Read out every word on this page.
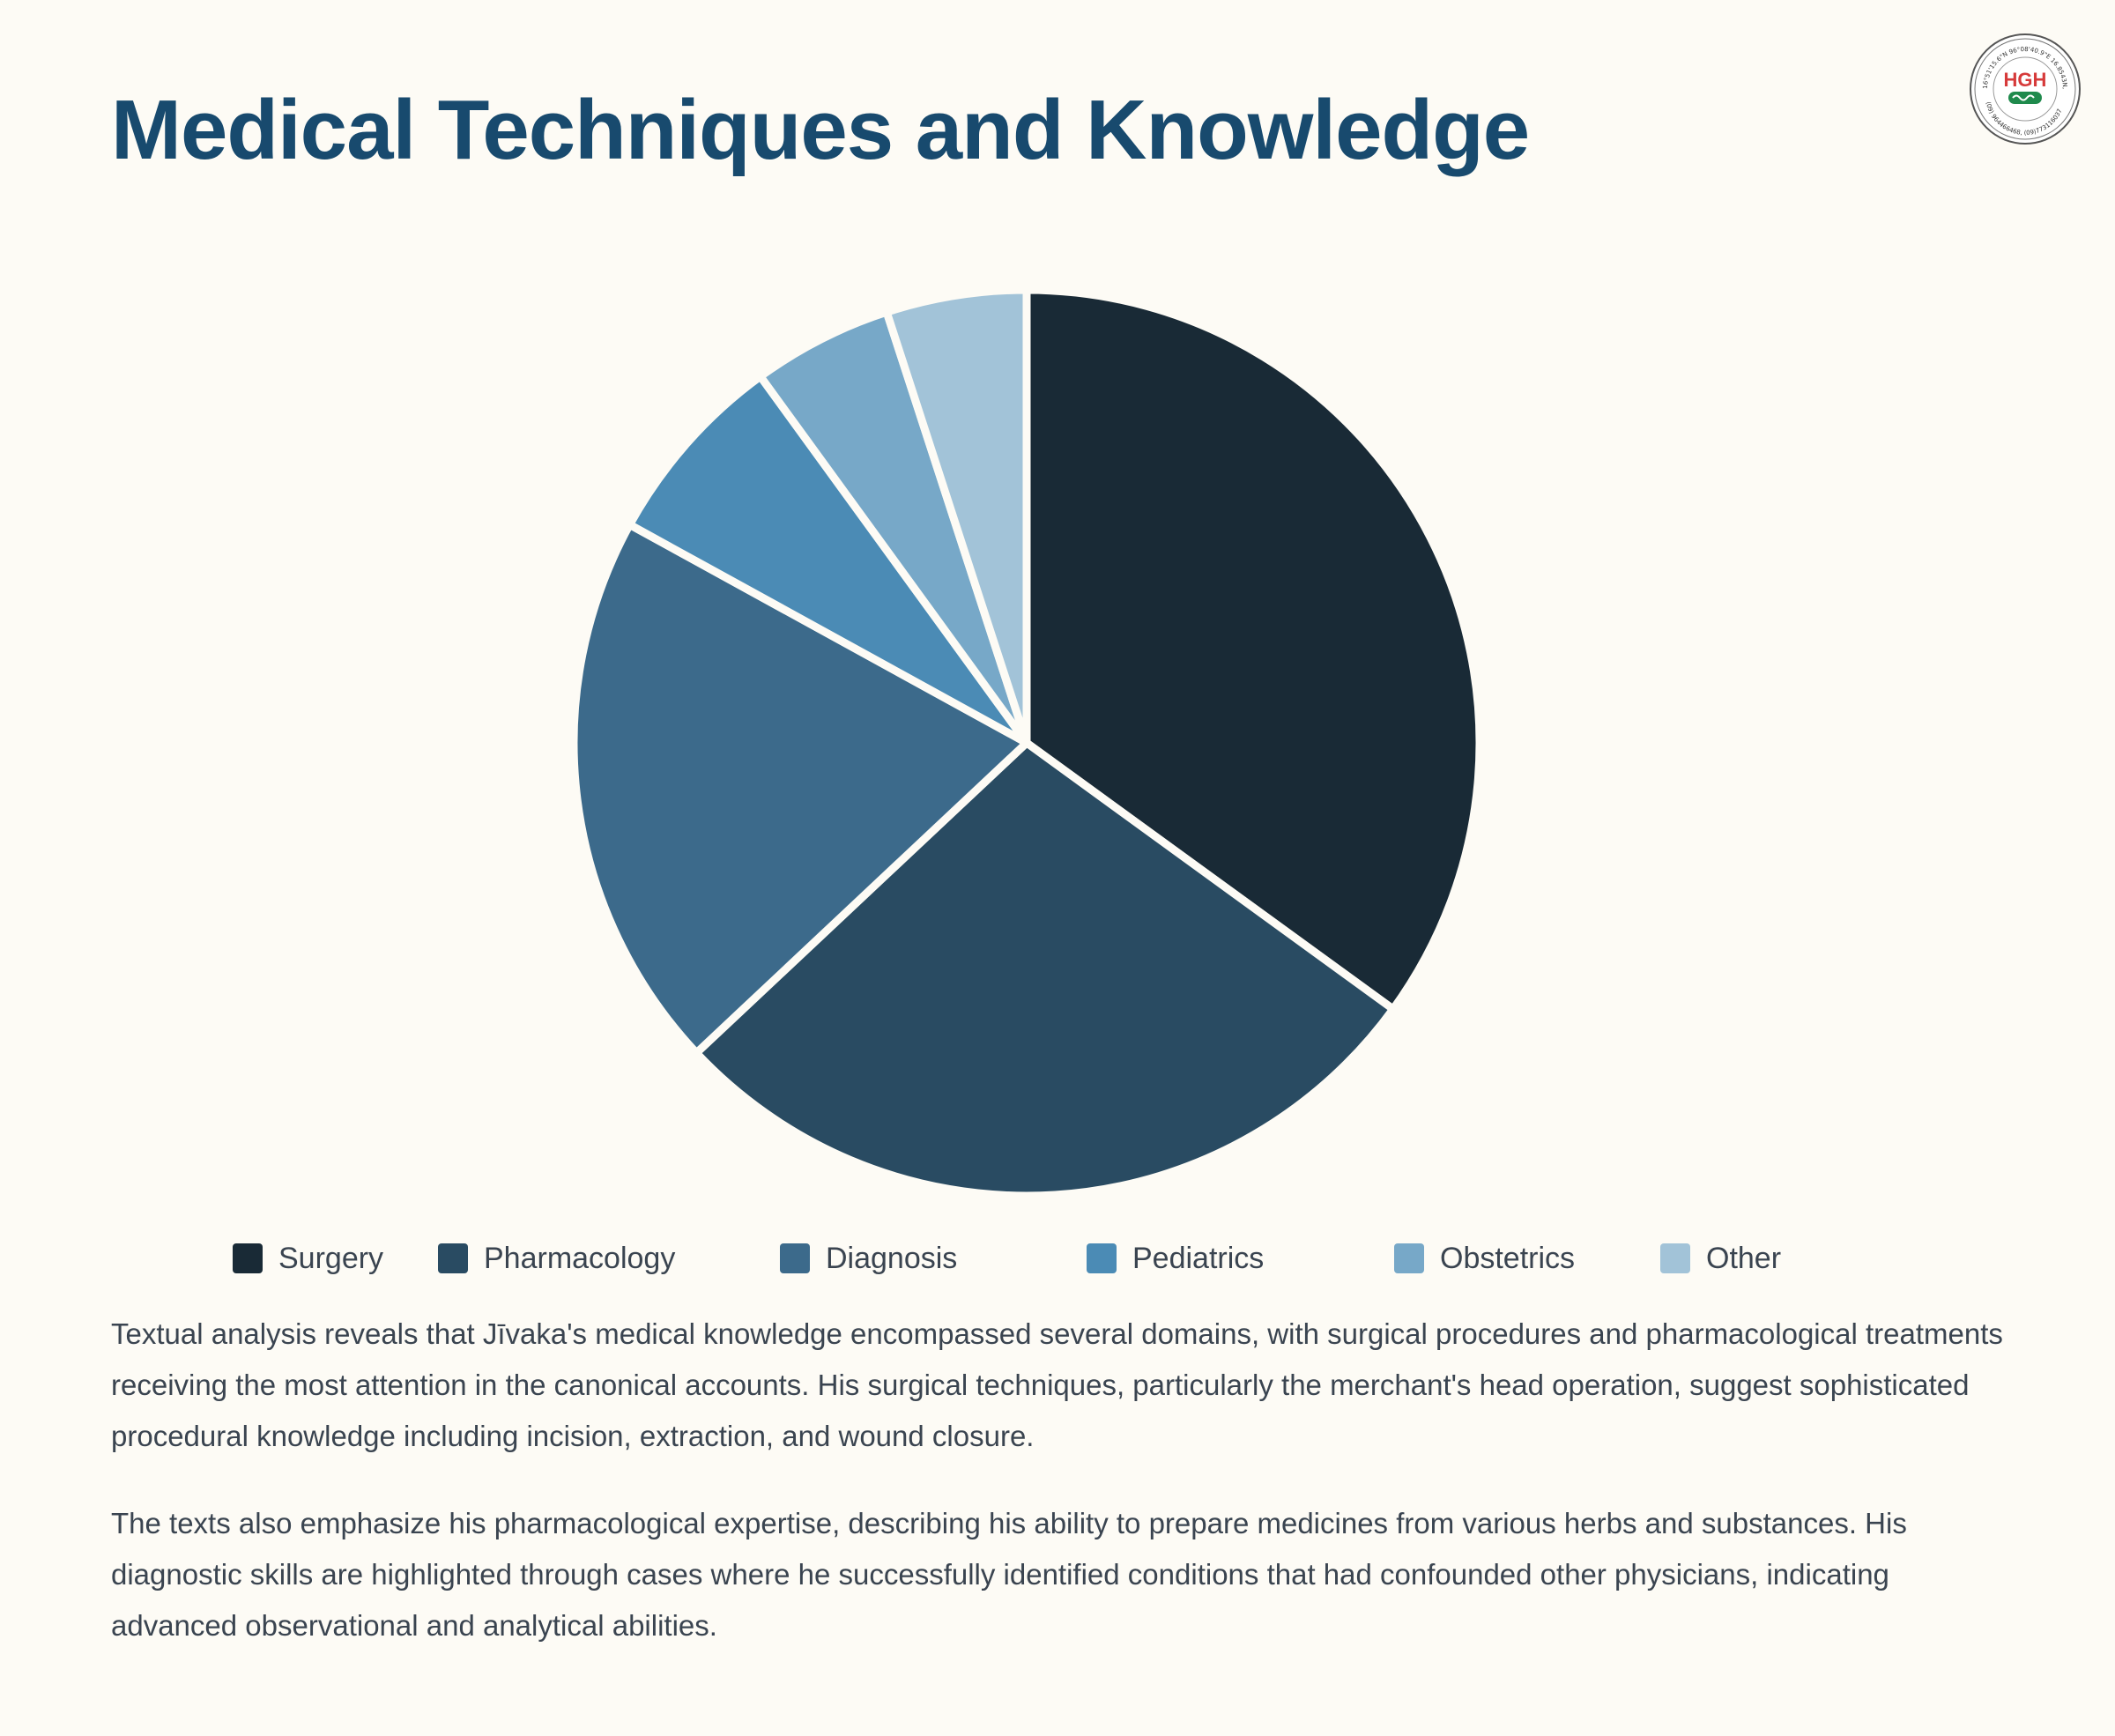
Medical Techniques and Knowledge	16°51'15.6"N 96°08'40.9"E 16.8543N,
(09) 964466468, (09)773116037
HGH
Surgery	Pharmacology	Diagnosis	Pediatrics	Obstetrics	Other

Textual analysis reveals that Jīvaka's medical knowledge encompassed several domains, with surgical procedures and pharmacological treatments receiving the most attention in the canonical accounts. His surgical techniques, particularly the merchant's head operation, suggest sophisticated procedural knowledge including incision, extraction, and wound closure.

The texts also emphasize his pharmacological expertise, describing his ability to prepare medicines from various herbs and substances. His diagnostic skills are highlighted through cases where he successfully identified conditions that had confounded other physicians, indicating advanced observational and analytical abilities.
